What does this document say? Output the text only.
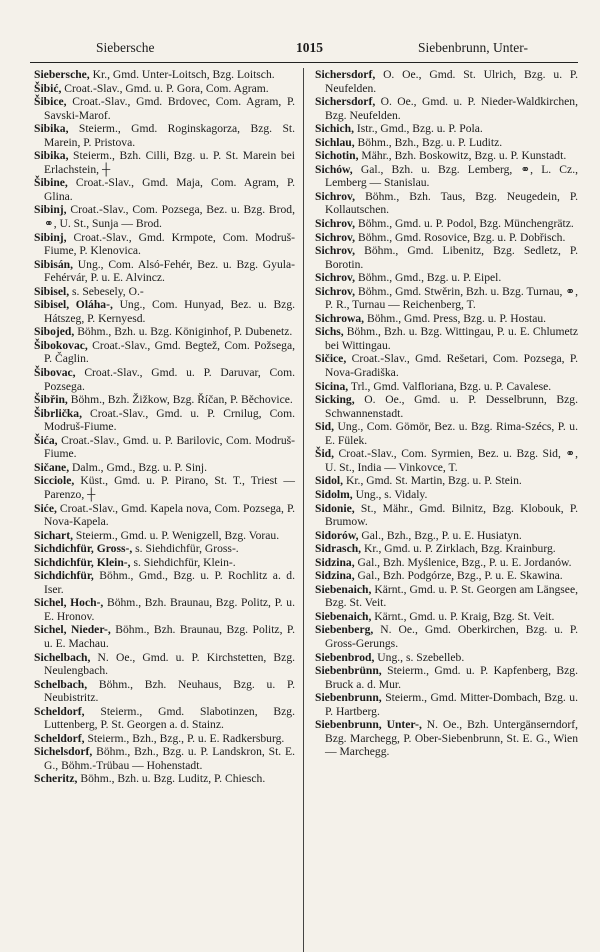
Siebersche	1015	Siebenbrunn, Unter-

Siebersche, Kr., Gmd. Unter-Loitsch, Bzg. Loitsch.

Šibić, Croat.-Slav., Gmd. u. P. Gora, Com. Agram.

Šibice, Croat.-Slav., Gmd. Brdovec, Com. Agram, P. Savski-Marof.

Sibika, Steierm., Gmd. Roginskagorza, Bzg. St. Marein, P. Pristova.

Sibika, Steierm., Bzh. Cilli, Bzg. u. P. St. Marein bei Erlachstein, ┼

Šibine, Croat.-Slav., Gmd. Maja, Com. Agram, P. Glina.

Sibinj, Croat.-Slav., Com. Pozsega, Bez. u. Bzg. Brod, ⚭, U. St., Sunja — Brod.

Sibinj, Croat.-Slav., Gmd. Krmpote, Com. Modruš-Fiume, P. Klenovica.

Sibisán, Ung., Com. Alsó-Fehér, Bez. u. Bzg. Gyula-Fehérvár, P. u. E. Alvincz.

Sibisel, s. Sebesely, O.-

Sibisel, Oláha-, Ung., Com. Hunyad, Bez. u. Bzg. Hátszeg, P. Kernyesd.

Sibojed, Böhm., Bzh. u. Bzg. Königinhof, P. Dubenetz.

Šibokovac, Croat.-Slav., Gmd. Begtež, Com. Požsega, P. Čaglin.

Šibovac, Croat.-Slav., Gmd. u. P. Daruvar, Com. Pozsega.

Šibřin, Böhm., Bzh. Žižkow, Bzg. Říčan, P. Běchovice.

Šibrlička, Croat.-Slav., Gmd. u. P. Crnilug, Com. Modruš-Fiume.

Šića, Croat.-Slav., Gmd. u. P. Barilovic, Com. Modruš-Fiume.

Sičane, Dalm., Gmd., Bzg. u. P. Sinj.

Sicciole, Küst., Gmd. u. P. Pirano, St. T., Triest — Parenzo, ┼

Siće, Croat.-Slav., Gmd. Kapela nova, Com. Pozsega, P. Nova-Kapela.

Sichart, Steierm., Gmd. u. P. Wenigzell, Bzg. Vorau.

Sichdichfür, Gross-, s. Siehdichfür, Gross-.

Sichdichfür, Klein-, s. Siehdichfür, Klein-.

Sichdichfür, Böhm., Gmd., Bzg. u. P. Rochlitz a. d. Iser.

Sichel, Hoch-, Böhm., Bzh. Braunau, Bzg. Politz, P. u. E. Hronov.

Sichel, Nieder-, Böhm., Bzh. Braunau, Bzg. Politz, P. u. E. Machau.

Sichelbach, N. Oe., Gmd. u. P. Kirchstetten, Bzg. Neulengbach.

Schelbach, Böhm., Bzh. Neuhaus, Bzg. u. P. Neubistritz.

Scheldorf, Steierm., Gmd. Slabotinzen, Bzg. Luttenberg, P. St. Georgen a. d. Stainz.

Scheldorf, Steierm., Bzh., Bzg., P. u. E. Radkersburg.

Sichelsdorf, Böhm., Bzh., Bzg. u. P. Landskron, St. E. G., Böhm.-Trübau — Hohenstadt.

Scheritz, Böhm., Bzh. u. Bzg. Luditz, P. Chiesch.

Sichersdorf, O. Oe., Gmd. St. Ulrich, Bzg. u. P. Neufelden.

Sichersdorf, O. Oe., Gmd. u. P. Nieder-Waldkirchen, Bzg. Neufelden.

Sichich, Istr., Gmd., Bzg. u. P. Pola.

Sichlau, Böhm., Bzh., Bzg. u. P. Luditz.

Sichotin, Mähr., Bzh. Boskowitz, Bzg. u. P. Kunstadt.

Sichów, Gal., Bzh. u. Bzg. Lemberg, ⚭, L. Cz., Lemberg — Stanislau.

Sichrov, Böhm., Bzh. Taus, Bzg. Neugedein, P. Kollautschen.

Sichrov, Böhm., Gmd. u. P. Podol, Bzg. Münchengrätz.

Sichrov, Böhm., Gmd. Rosovice, Bzg. u. P. Dobřisch.

Sichrov, Böhm., Gmd. Libenitz, Bzg. Sedletz, P. Borotin.

Sichrov, Böhm., Gmd., Bzg. u. P. Eipel.

Sichrov, Böhm., Gmd. Stwěrin, Bzh. u. Bzg. Turnau, ⚭, P. R., Turnau — Reichenberg, T.

Sichrowa, Böhm., Gmd. Press, Bzg. u. P. Hostau.

Sichs, Böhm., Bzh. u. Bzg. Wittingau, P. u. E. Chlumetz bei Wittingau.

Sičice, Croat.-Slav., Gmd. Rešetari, Com. Pozsega, P. Nova-Gradiška.

Sicina, Trl., Gmd. Valfloriana, Bzg. u. P. Cavalese.

Sicking, O. Oe., Gmd. u. P. Desselbrunn, Bzg. Schwannenstadt.

Sid, Ung., Com. Gömör, Bez. u. Bzg. Rima-Szécs, P. u. E. Fülek.

Šid, Croat.-Slav., Com. Syrmien, Bez. u. Bzg. Sid, ⚭, U. St., India — Vinkovce, T.

Sidol, Kr., Gmd. St. Martin, Bzg. u. P. Stein.

Sidolm, Ung., s. Vidaly.

Sidonie, St., Mähr., Gmd. Bilnitz, Bzg. Klobouk, P. Brumow.

Sidorów, Gal., Bzh., Bzg., P. u. E. Husiatyn.

Sidrasch, Kr., Gmd. u. P. Zirklach, Bzg. Krainburg.

Sidzina, Gal., Bzh. Myślenice, Bzg., P. u. E. Jordanów.

Sidzina, Gal., Bzh. Podgórze, Bzg., P. u. E. Skawina.

Siebenaich, Kärnt., Gmd. u. P. St. Georgen am Längsee, Bzg. St. Veit.

Siebenaich, Kärnt., Gmd. u. P. Kraig, Bzg. St. Veit.

Siebenberg, N. Oe., Gmd. Oberkirchen, Bzg. u. P. Gross-Gerungs.

Siebenbrod, Ung., s. Szebelleb.

Siebenbrünn, Steierm., Gmd. u. P. Kapfenberg, Bzg. Bruck a. d. Mur.

Siebenbrunn, Steierm., Gmd. Mitter-Dombach, Bzg. u. P. Hartberg.

Siebenbrunn, Unter-, N. Oe., Bzh. Untergänserndorf, Bzg. Marchegg, P. Ober-Siebenbrunn, St. E. G., Wien — Marchegg.
